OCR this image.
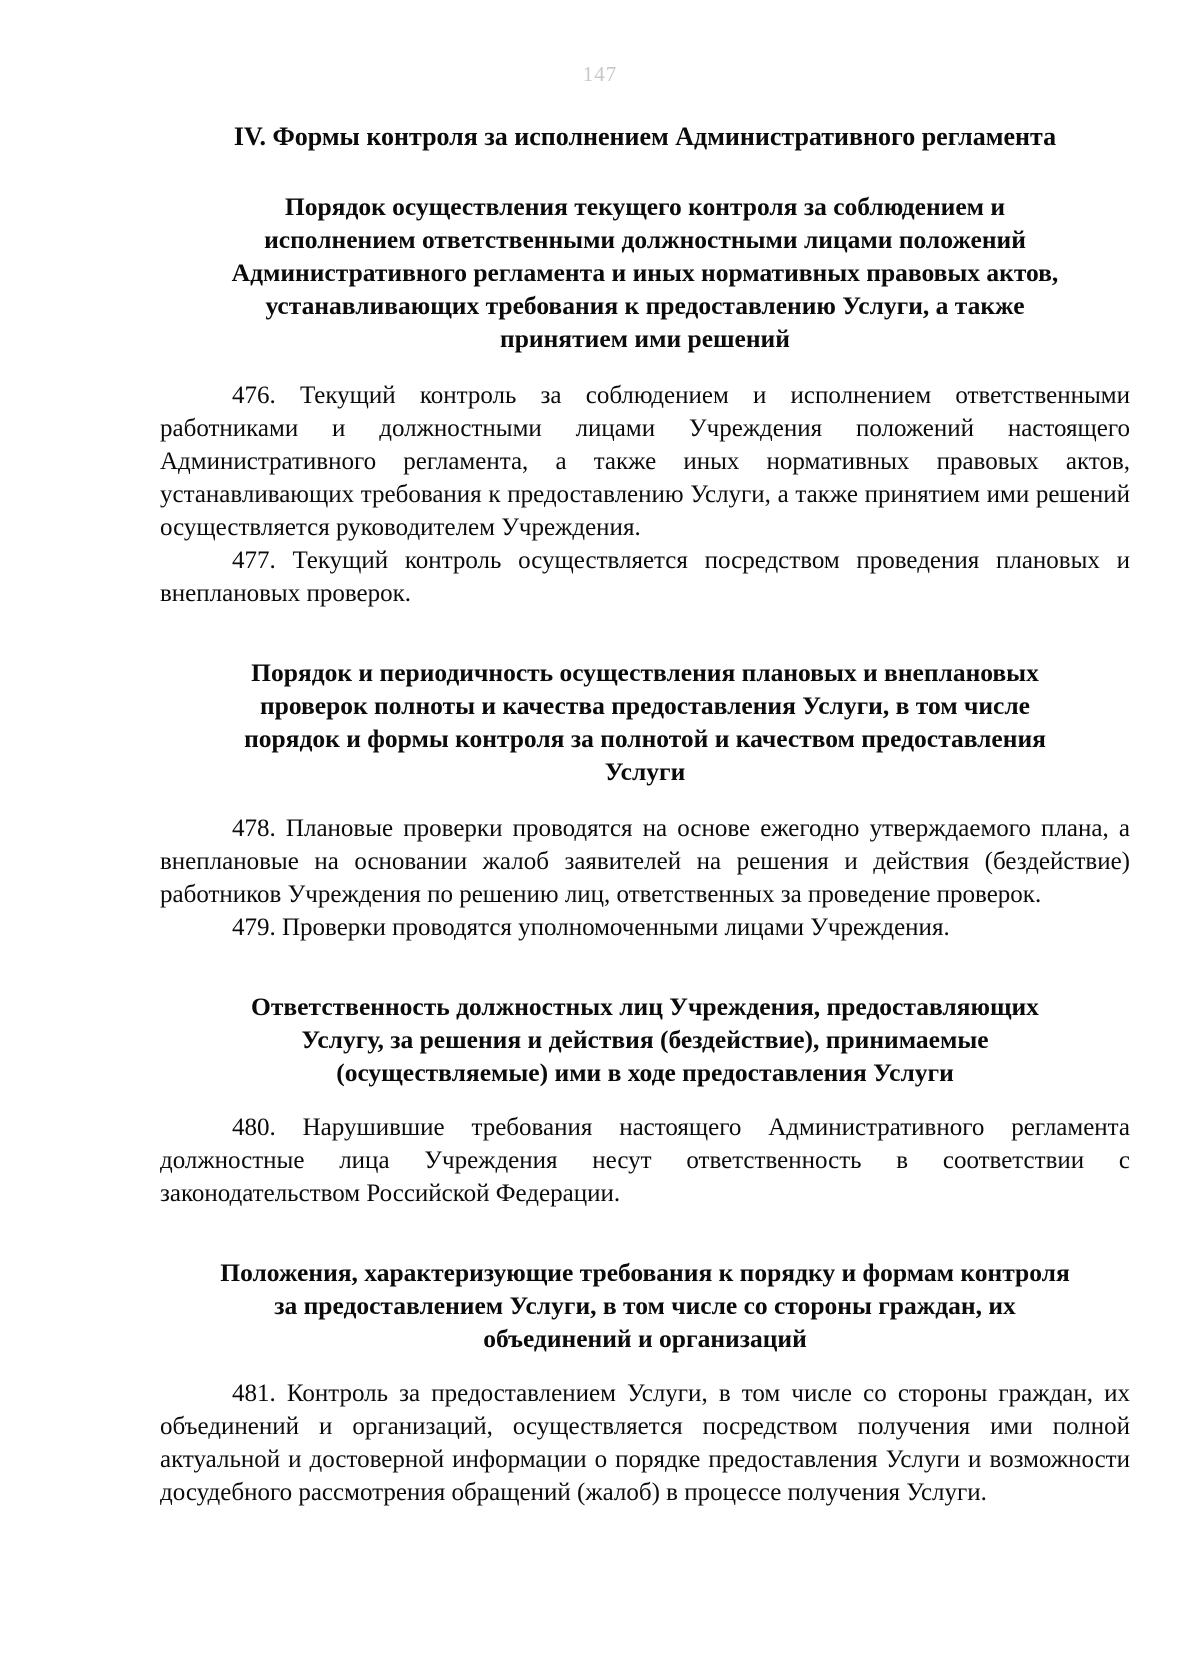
147
IV. Формы контроля за исполнением Административного регламента
Порядок осуществления текущего контроля за соблюдением и
исполнением ответственными должностными лицами положений
Административного регламента и иных нормативных правовых актов,
устанавливающих требования к предоставлению Услуги, а также
принятием ими решений

476. Текущий контроль за соблюдением и исполнением ответственными работниками и должностными лицами Учреждения положений настоящего Административного регламента, а также иных нормативных правовых актов, устанавливающих требования к предоставлению Услуги, а также принятием ими решений осуществляется руководителем Учреждения.

477. Текущий контроль осуществляется посредством проведения плановых и внеплановых проверок.

Порядок и периодичность осуществления плановых и внеплановых
проверок полноты и качества предоставления Услуги, в том числе
порядок и формы контроля за полнотой и качеством предоставления
Услуги

478. Плановые проверки проводятся на основе ежегодно утверждаемого плана, а внеплановые на основании жалоб заявителей на решения и действия (бездействие) работников Учреждения по решению лиц, ответственных за проведение проверок.

479. Проверки проводятся уполномоченными лицами Учреждения.

Ответственность должностных лиц Учреждения, предоставляющих
Услугу, за решения и действия (бездействие), принимаемые
(осуществляемые) ими в ходе предоставления Услуги

480. Нарушившие требования настоящего Административного регламента должностные лица Учреждения несут ответственность в соответствии с законодательством Российской Федерации.

Положения, характеризующие требования к порядку и формам контроля
за предоставлением Услуги, в том числе со стороны граждан, их
объединений и организаций

481. Контроль за предоставлением Услуги, в том числе со стороны граждан, их объединений и организаций, осуществляется посредством получения ими полной актуальной и достоверной информации о порядке предоставления Услуги и возможности досудебного рассмотрения обращений (жалоб) в процессе получения Услуги.
